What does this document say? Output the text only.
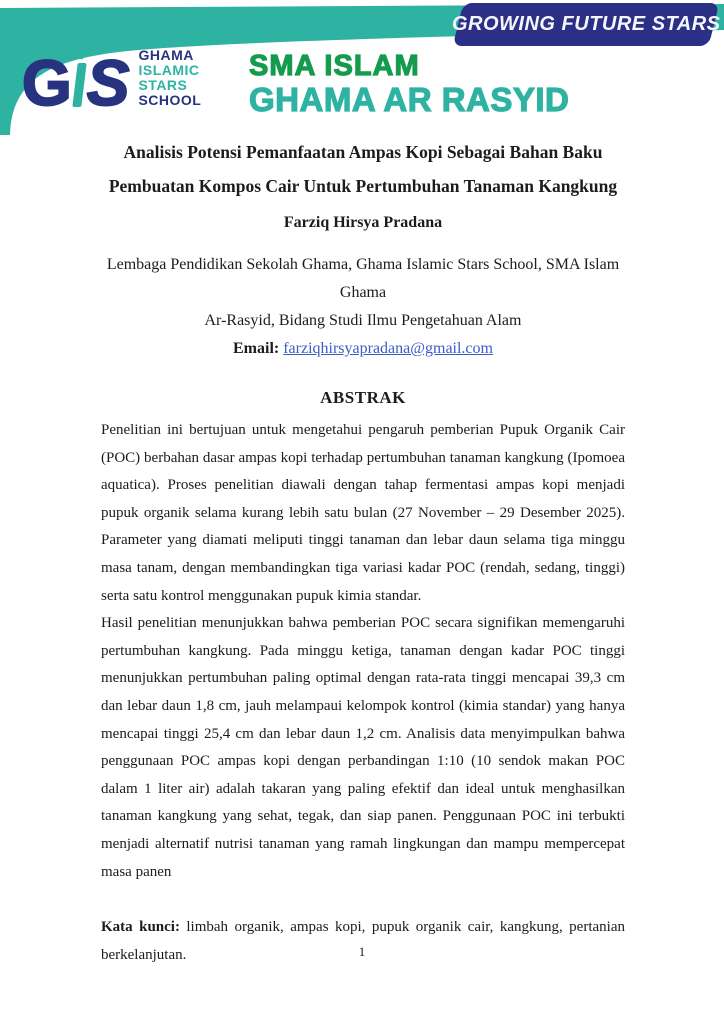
GROWING FUTURE STARS
G S GHAMA
ISLAMIC
STARS
SCHOOL
SMA ISLAM
GHAMA AR RASYID
Analisis Potensi Pemanfaatan Ampas Kopi Sebagai Bahan Baku
Pembuatan Kompos Cair Untuk Pertumbuhan Tanaman Kangkung
Farziq Hirsya Pradana
Lembaga Pendidikan Sekolah Ghama, Ghama Islamic Stars School, SMA Islam Ghama
Ar-Rasyid, Bidang Studi Ilmu Pengetahuan Alam
Email: farziqhirsyapradana@gmail.com
ABSTRAK

Penelitian ini bertujuan untuk mengetahui pengaruh pemberian Pupuk Organik Cair (POC) berbahan dasar ampas kopi terhadap pertumbuhan tanaman kangkung (Ipomoea aquatica). Proses penelitian diawali dengan tahap fermentasi ampas kopi menjadi pupuk organik selama kurang lebih satu bulan (27 November – 29 Desember 2025). Parameter yang diamati meliputi tinggi tanaman dan lebar daun selama tiga minggu masa tanam, dengan membandingkan tiga variasi kadar POC (rendah, sedang, tinggi) serta satu kontrol menggunakan pupuk kimia standar.

Hasil penelitian menunjukkan bahwa pemberian POC secara signifikan memengaruhi pertumbuhan kangkung. Pada minggu ketiga, tanaman dengan kadar POC tinggi menunjukkan pertumbuhan paling optimal dengan rata-rata tinggi mencapai 39,3 cm dan lebar daun 1,8 cm, jauh melampaui kelompok kontrol (kimia standar) yang hanya mencapai tinggi 25,4 cm dan lebar daun 1,2 cm. Analisis data menyimpulkan bahwa penggunaan POC ampas kopi dengan perbandingan 1:10 (10 sendok makan POC dalam 1 liter air) adalah takaran yang paling efektif dan ideal untuk menghasilkan tanaman kangkung yang sehat, tegak, dan siap panen. Penggunaan POC ini terbukti menjadi alternatif nutrisi tanaman yang ramah lingkungan dan mampu mempercepat masa panen

Kata kunci: limbah organik, ampas kopi, pupuk organik cair, kangkung, pertanian berkelanjutan.	1
